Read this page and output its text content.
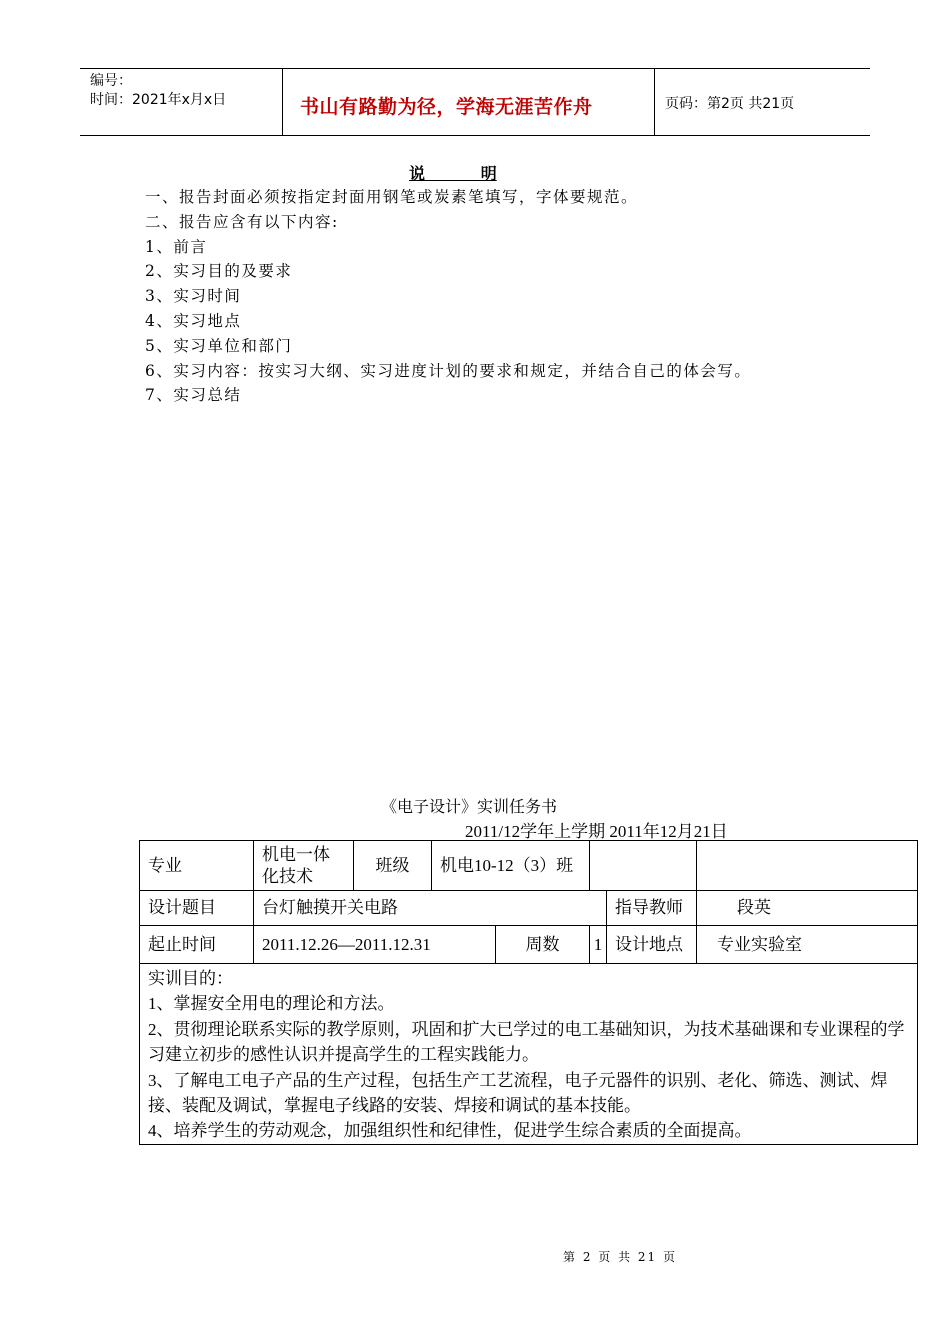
编号：
时间：2021年x月x日	书山有路勤为径，学海无涯苦作舟	页码：第2页 共21页
说          明
一、报告封面必须按指定封面用钢笔或炭素笔填写，字体要规范。
二、报告应含有以下内容:
1、前言
2、实习目的及要求
3、实习时间
4、实习地点
5、实习单位和部门
6、实习内容：按实习大纲、实习进度计划的要求和规定，并结合自己的体会写。
7、实习总结
《电子设计》实训任务书
2011/12学年上学期 2011年12月21日
专业	机电一体化技术	班级	机电10-12（3）班				
设计题目	台灯触摸开关电路					指导教师	段英
起止时间	2011.12.26—2011.12.31			周数	1	设计地点	专业实验室

实训目的：
1、掌握安全用电的理论和方法。
2、贯彻理论联系实际的教学原则，巩固和扩大已学过的电工基础知识，为技术基础课和专业课程的学习建立初步的感性认识并提高学生的工程实践能力。
3、了解电工电子产品的生产过程，包括生产工艺流程，电子元器件的识别、老化、筛选、测试、焊接、装配及调试，掌握电子线路的安装、焊接和调试的基本技能。
4、培养学生的劳动观念，加强组织性和纪律性，促进学生综合素质的全面提高。							
第 2 页 共 21 页
